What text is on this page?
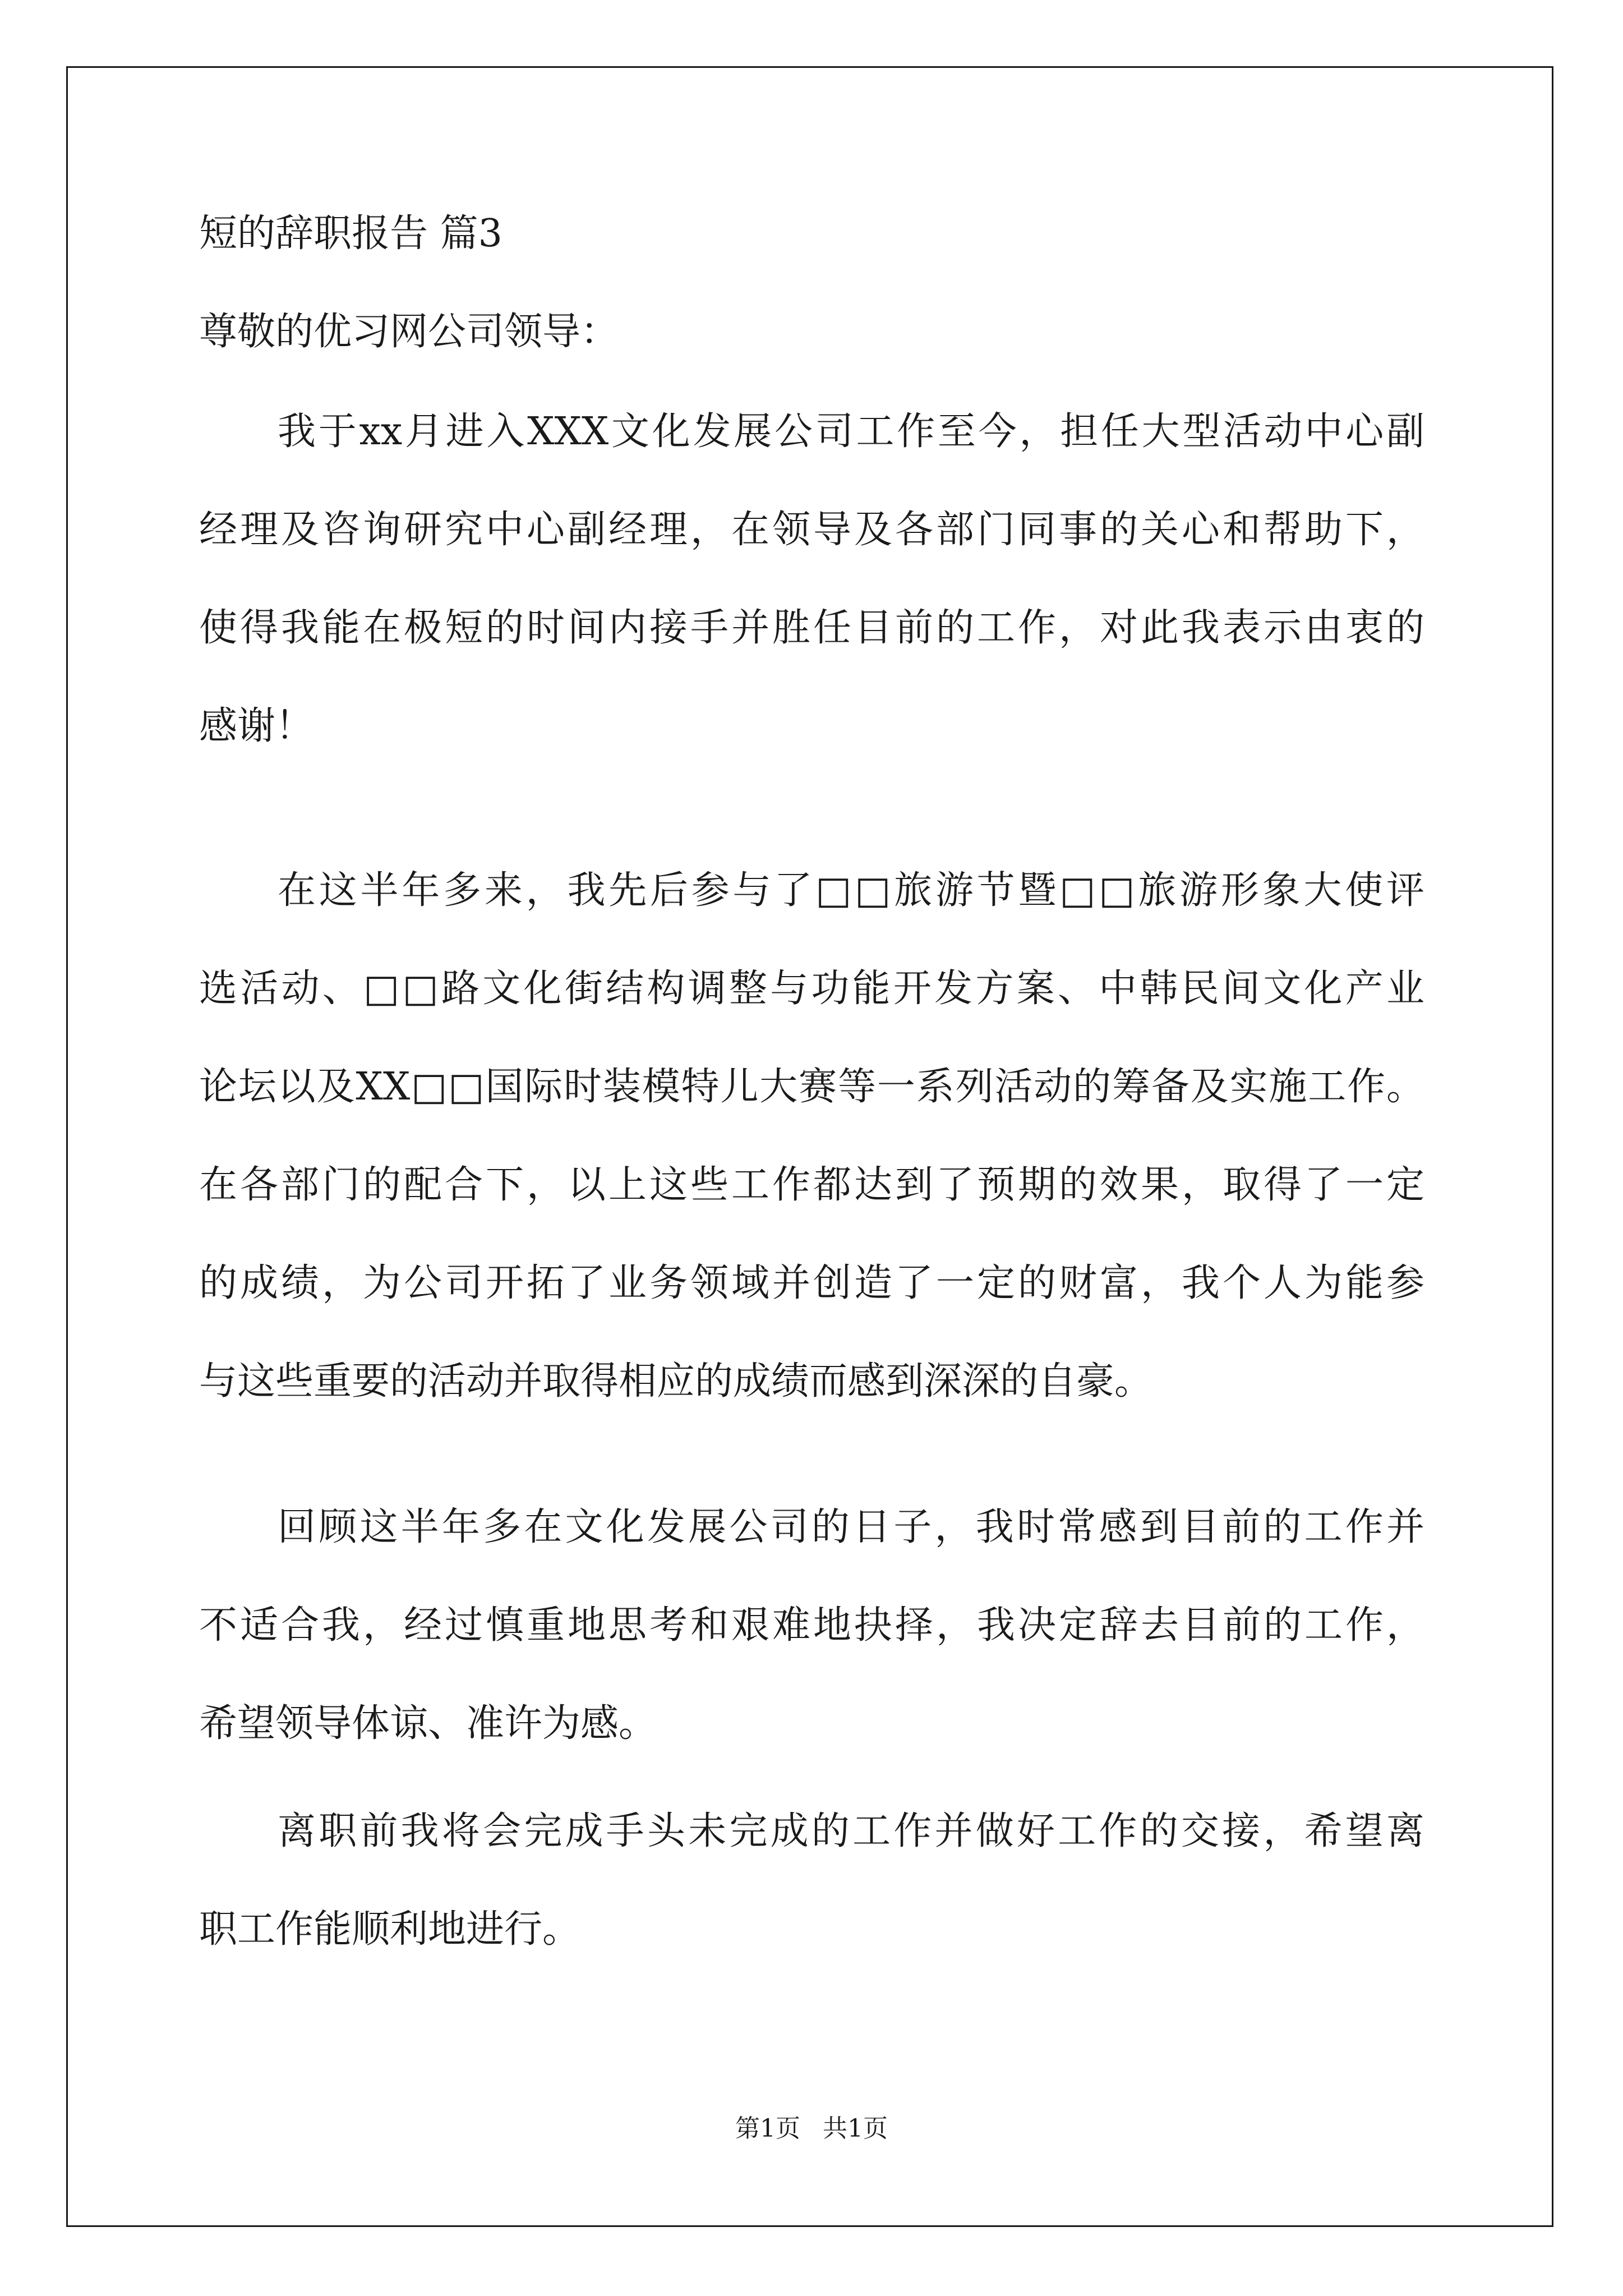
短的辞职报告 篇3
尊敬的优习网公司领导：
我于xx月进入XXX文化发展公司工作至今，担任大型活动中心副
经理及咨询研究中心副经理，在领导及各部门同事的关心和帮助下，
使得我能在极短的时间内接手并胜任目前的工作，对此我表示由衷的
感谢！
在这半年多来，我先后参与了□□旅游节暨□□旅游形象大使评
选活动、□□路文化街结构调整与功能开发方案、中韩民间文化产业
论坛以及XX□□国际时装模特儿大赛等一系列活动的筹备及实施工作。
在各部门的配合下，以上这些工作都达到了预期的效果，取得了一定
的成绩，为公司开拓了业务领域并创造了一定的财富，我个人为能参
与这些重要的活动并取得相应的成绩而感到深深的自豪。
回顾这半年多在文化发展公司的日子，我时常感到目前的工作并
不适合我，经过慎重地思考和艰难地抉择，我决定辞去目前的工作，
希望领导体谅、准许为感。
离职前我将会完成手头未完成的工作并做好工作的交接，希望离
职工作能顺利地进行。
第1页 共1页
